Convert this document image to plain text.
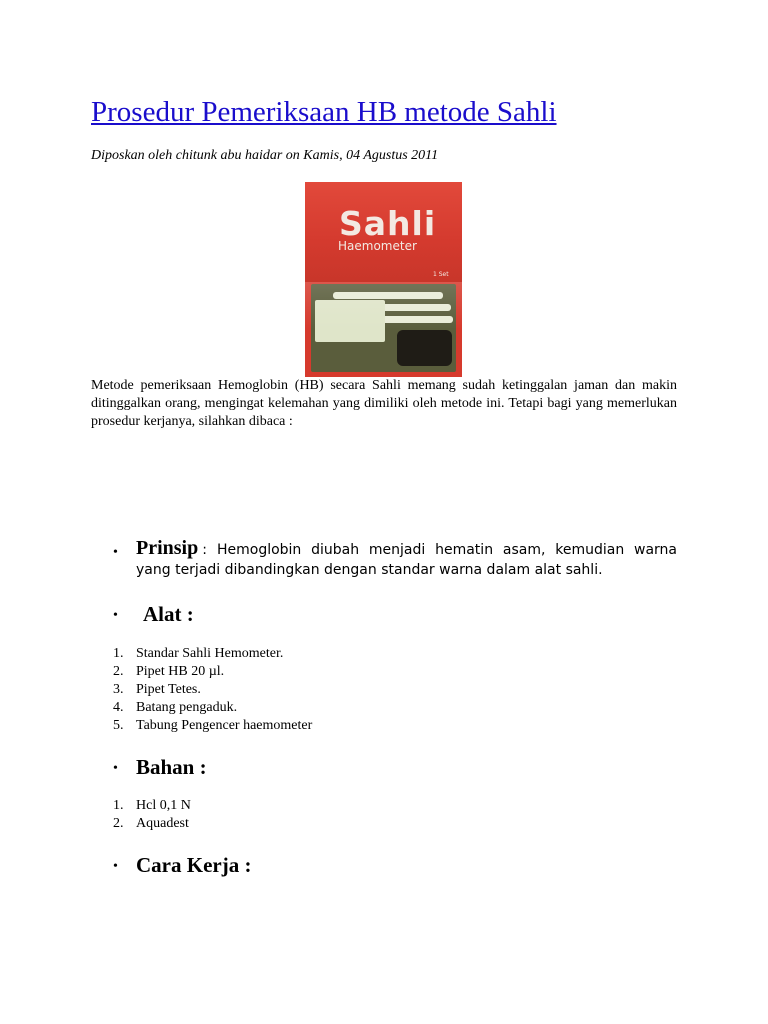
Prosedur Pemeriksaan HB metode Sahli
Diposkan oleh chitunk abu haidar on Kamis, 04 Agustus 2011
Sahli
Haemometer
1 Set

Metode pemeriksaan Hemoglobin (HB) secara Sahli memang sudah ketinggalan jaman dan makin ditinggalkan orang, mengingat kelemahan yang dimiliki oleh metode ini. Tetapi bagi yang memerlukan prosedur kerjanya, silahkan dibaca :

• Prinsip : Hemoglobin diubah menjadi hematin asam, kemudian warna yang terjadi dibandingkan dengan standar warna dalam alat sahli.
•	Alat :
1. Standar Sahli Hemometer.
2. Pipet HB 20 µl.
3. Pipet Tetes.
4. Batang pengaduk.
5. Tabung Pengencer haemometer
• Bahan :
1. Hcl 0,1 N
2. Aquadest
• Cara Kerja :
